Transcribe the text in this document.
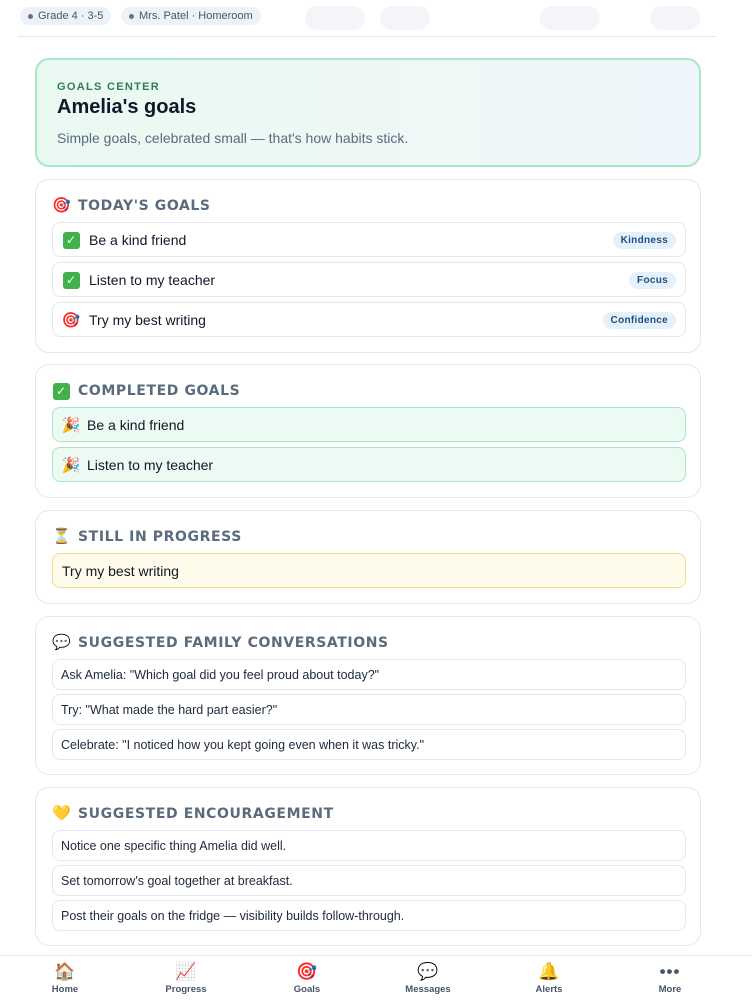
Grade 4 · 3-5	Mrs. Patel · Homeroom
GOALS CENTER
Amelia's goals
Simple goals, celebrated small — that's how habits stick.
🎯 TODAY'S GOALS
✓ Be a kind friend	Kindness
✓ Listen to my teacher	Focus
🎯 Try my best writing	Confidence
✓ COMPLETED GOALS
🎉 Be a kind friend
🎉 Listen to my teacher
⏳ STILL IN PROGRESS
Try my best writing
💬 SUGGESTED FAMILY CONVERSATIONS
Ask Amelia: "Which goal did you feel proud about today?"
Try: "What made the hard part easier?"
Celebrate: "I noticed how you kept going even when it was tricky."
💛 SUGGESTED ENCOURAGEMENT
Notice one specific thing Amelia did well.
Set tomorrow's goal together at breakfast.
Post their goals on the fridge — visibility builds follow-through.
🏠
Home
📈
Progress
🎯
Goals
💬
Messages
🔔
Alerts
•••
More
